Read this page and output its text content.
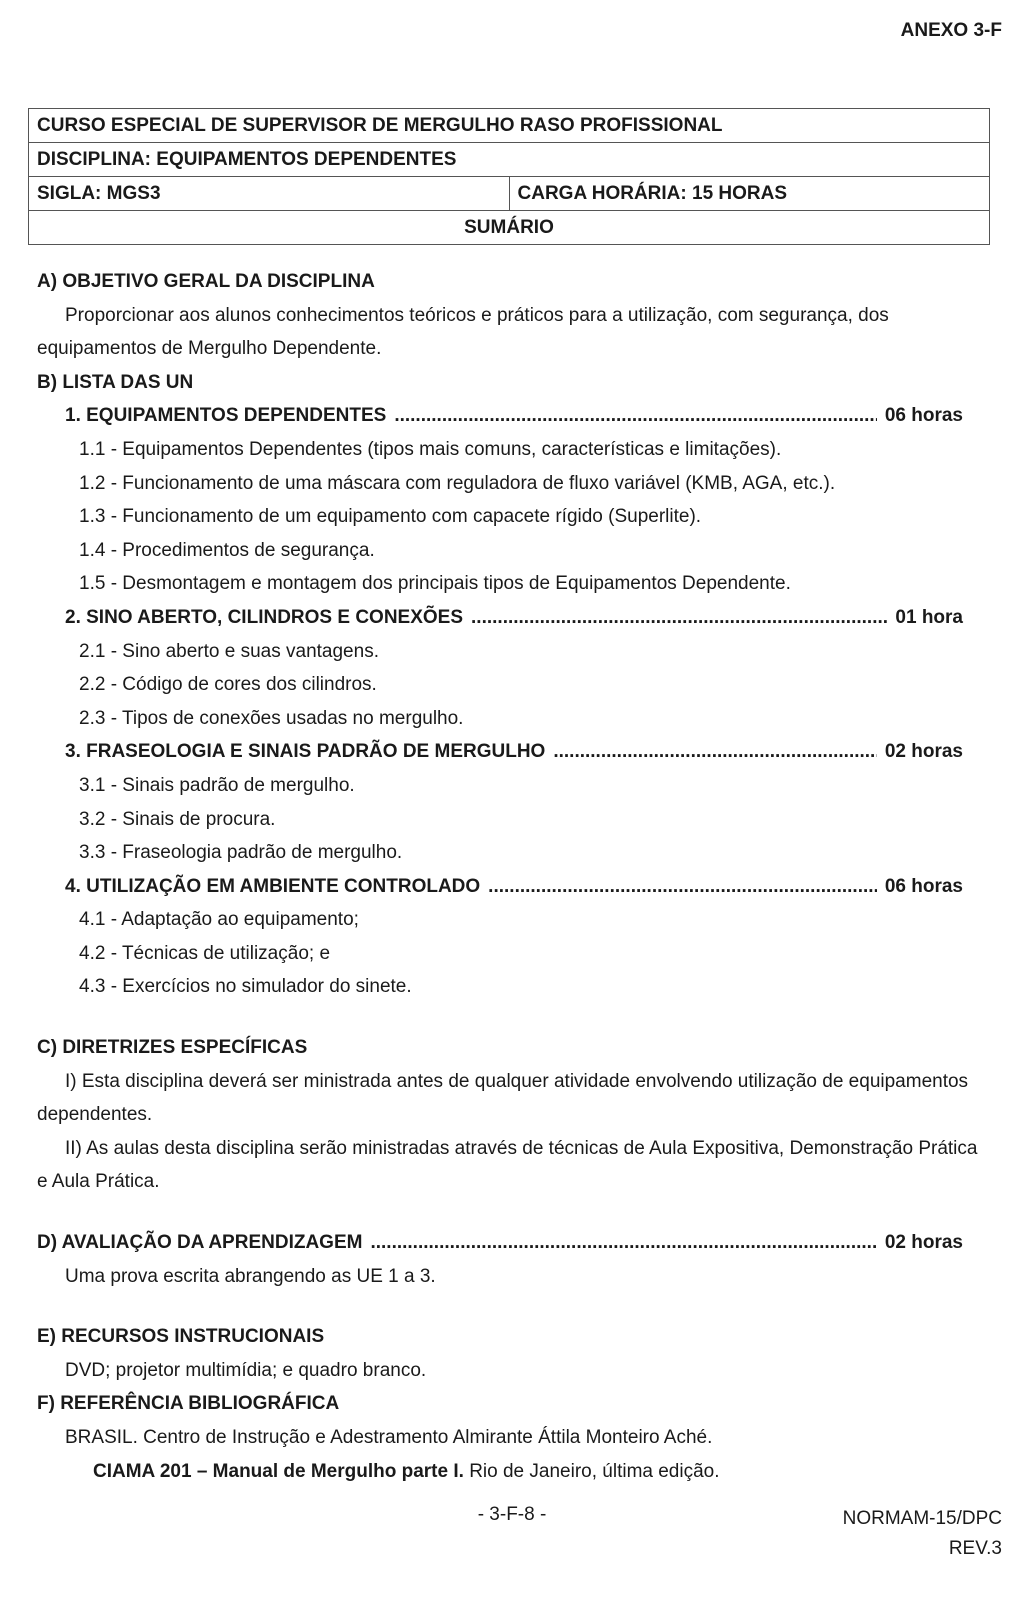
ANEXO 3-F
CURSO ESPECIAL DE SUPERVISOR DE MERGULHO RASO PROFISSIONAL
DISCIPLINA: EQUIPAMENTOS DEPENDENTES
SIGLA: MGS3	CARGA HORÁRIA: 15 HORAS
SUMÁRIO
A) OBJETIVO GERAL DA DISCIPLINA
Proporcionar aos alunos conhecimentos teóricos e práticos para a utilização, com segurança, dos equipamentos de Mergulho Dependente.
B) LISTA DAS UN
1. EQUIPAMENTOS DEPENDENTES .....	06 horas
1.1 - Equipamentos Dependentes (tipos mais comuns, características e limitações).
1.2 - Funcionamento de uma máscara com reguladora de fluxo variável (KMB, AGA, etc.).
1.3 - Funcionamento de um equipamento com capacete rígido (Superlite).
1.4 - Procedimentos de segurança.
1.5 - Desmontagem e montagem dos principais tipos de Equipamentos Dependente.
2. SINO ABERTO, CILINDROS E CONEXÕES .....	01 hora
2.1 - Sino aberto e suas vantagens.
2.2 - Código de cores dos cilindros.
2.3 - Tipos de conexões usadas no mergulho.
3. FRASEOLOGIA E SINAIS PADRÃO DE MERGULHO .....	02 horas
3.1 - Sinais padrão de mergulho.
3.2 - Sinais de procura.
3.3 - Fraseologia padrão de mergulho.
4. UTILIZAÇÃO EM AMBIENTE CONTROLADO .....	06 horas
4.1 - Adaptação ao equipamento;
4.2 - Técnicas de utilização; e
4.3 - Exercícios no simulador do sinete.
C) DIRETRIZES ESPECÍFICAS
I) Esta disciplina deverá ser ministrada antes de qualquer atividade envolvendo utilização de equipamentos dependentes.
II) As aulas desta disciplina serão ministradas através de técnicas de Aula Expositiva, Demonstração Prática e Aula Prática.
D) AVALIAÇÃO DA APRENDIZAGEM .....	02 horas
Uma prova escrita abrangendo as UE 1 a 3.
E) RECURSOS INSTRUCIONAIS
DVD; projetor multimídia; e quadro branco.
F) REFERÊNCIA BIBLIOGRÁFICA
BRASIL. Centro de Instrução e Adestramento Almirante Áttila Monteiro Aché.
CIAMA 201 – Manual de Mergulho parte I. Rio de Janeiro, última edição.
- 3-F-8 -	NORMAM-15/DPC
REV.3
